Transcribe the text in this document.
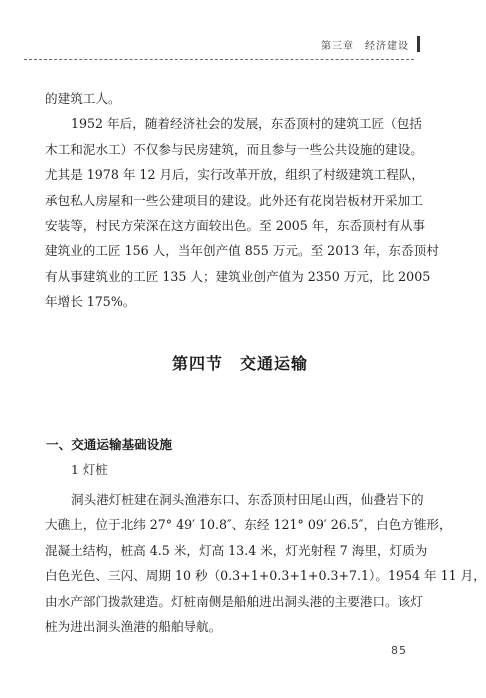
第三章　经济建设
的建筑工人。
1952 年后，随着经济社会的发展，东岙顶村的建筑工匠（包括
木工和泥水工）不仅参与民房建筑，而且参与一些公共设施的建设。
尤其是 1978 年 12 月后，实行改革开放，组织了村级建筑工程队，
承包私人房屋和一些公建项目的建设。此外还有花岗岩板材开采加工
安装等，村民方荣深在这方面较出色。至 2005 年，东岙顶村有从事
建筑业的工匠 156 人，当年创产值 855 万元。至 2013 年，东岙顶村
有从事建筑业的工匠 135 人；建筑业创产值为 2350 万元，比 2005
年增长 175%。
第四节　交通运输
一、交通运输基础设施
1 灯桩
洞头港灯桩建在洞头渔港东口、东岙顶村田尾山西，仙叠岩下的
大礁上，位于北纬 27° 49′ 10.8″、东经 121° 09′ 26.5″，白色方锥形，
混凝土结构，桩高 4.5 米，灯高 13.4 米，灯光射程 7 海里，灯质为
白色光色、三闪、周期 10 秒（0.3+1+0.3+1+0.3+7.1）。1954 年 11 月，
由水产部门拨款建造。灯桩南侧是船舶进出洞头港的主要港口。该灯
桩为进出洞头渔港的船舶导航。
85
